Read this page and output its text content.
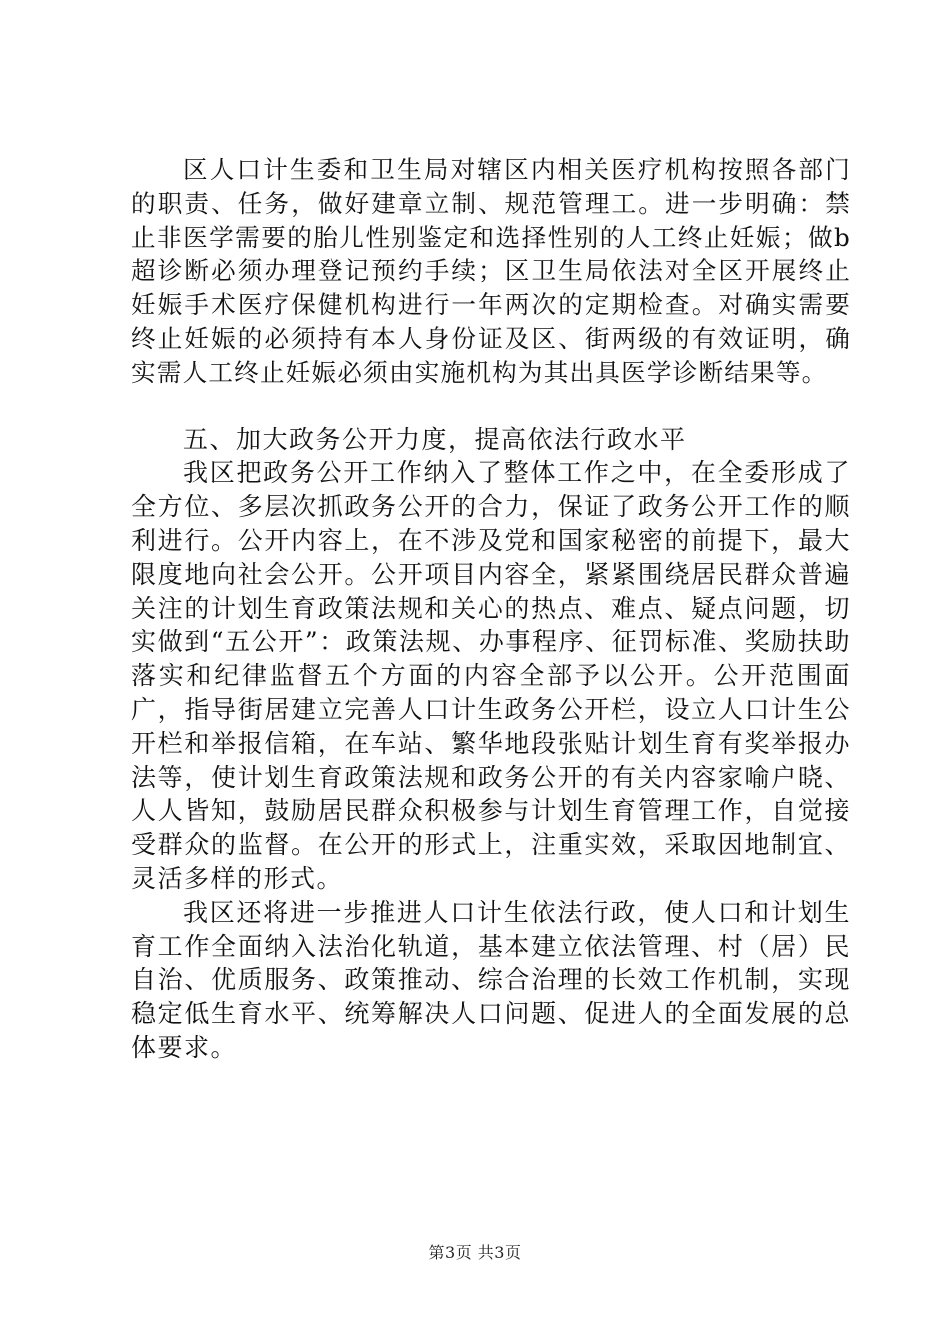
区人口计生委和卫生局对辖区内相关医疗机构按照各部门的职责、任务，做好建章立制、规范管理工。进一步明确：禁止非医学需要的胎儿性别鉴定和选择性别的人工终止妊娠；做b超诊断必须办理登记预约手续；区卫生局依法对全区开展终止妊娠手术医疗保健机构进行一年两次的定期检查。对确实需要终止妊娠的必须持有本人身份证及区、街两级的有效证明，确实需人工终止妊娠必须由实施机构为其出具医学诊断结果等。

五、加大政务公开力度，提高依法行政水平

我区把政务公开工作纳入了整体工作之中，在全委形成了全方位、多层次抓政务公开的合力，保证了政务公开工作的顺利进行。公开内容上，在不涉及党和国家秘密的前提下，最大限度地向社会公开。公开项目内容全，紧紧围绕居民群众普遍关注的计划生育政策法规和关心的热点、难点、疑点问题，切实做到“五公开”：政策法规、办事程序、征罚标准、奖励扶助落实和纪律监督五个方面的内容全部予以公开。公开范围面广，指导街居建立完善人口计生政务公开栏，设立人口计生公开栏和举报信箱，在车站、繁华地段张贴计划生育有奖举报办法等，使计划生育政策法规和政务公开的有关内容家喻户晓、人人皆知，鼓励居民群众积极参与计划生育管理工作，自觉接受群众的监督。在公开的形式上，注重实效，采取因地制宜、灵活多样的形式。

我区还将进一步推进人口计生依法行政，使人口和计划生育工作全面纳入法治化轨道，基本建立依法管理、村（居）民自治、优质服务、政策推动、综合治理的长效工作机制，实现稳定低生育水平、统筹解决人口问题、促进人的全面发展的总体要求。

第3页 共3页
